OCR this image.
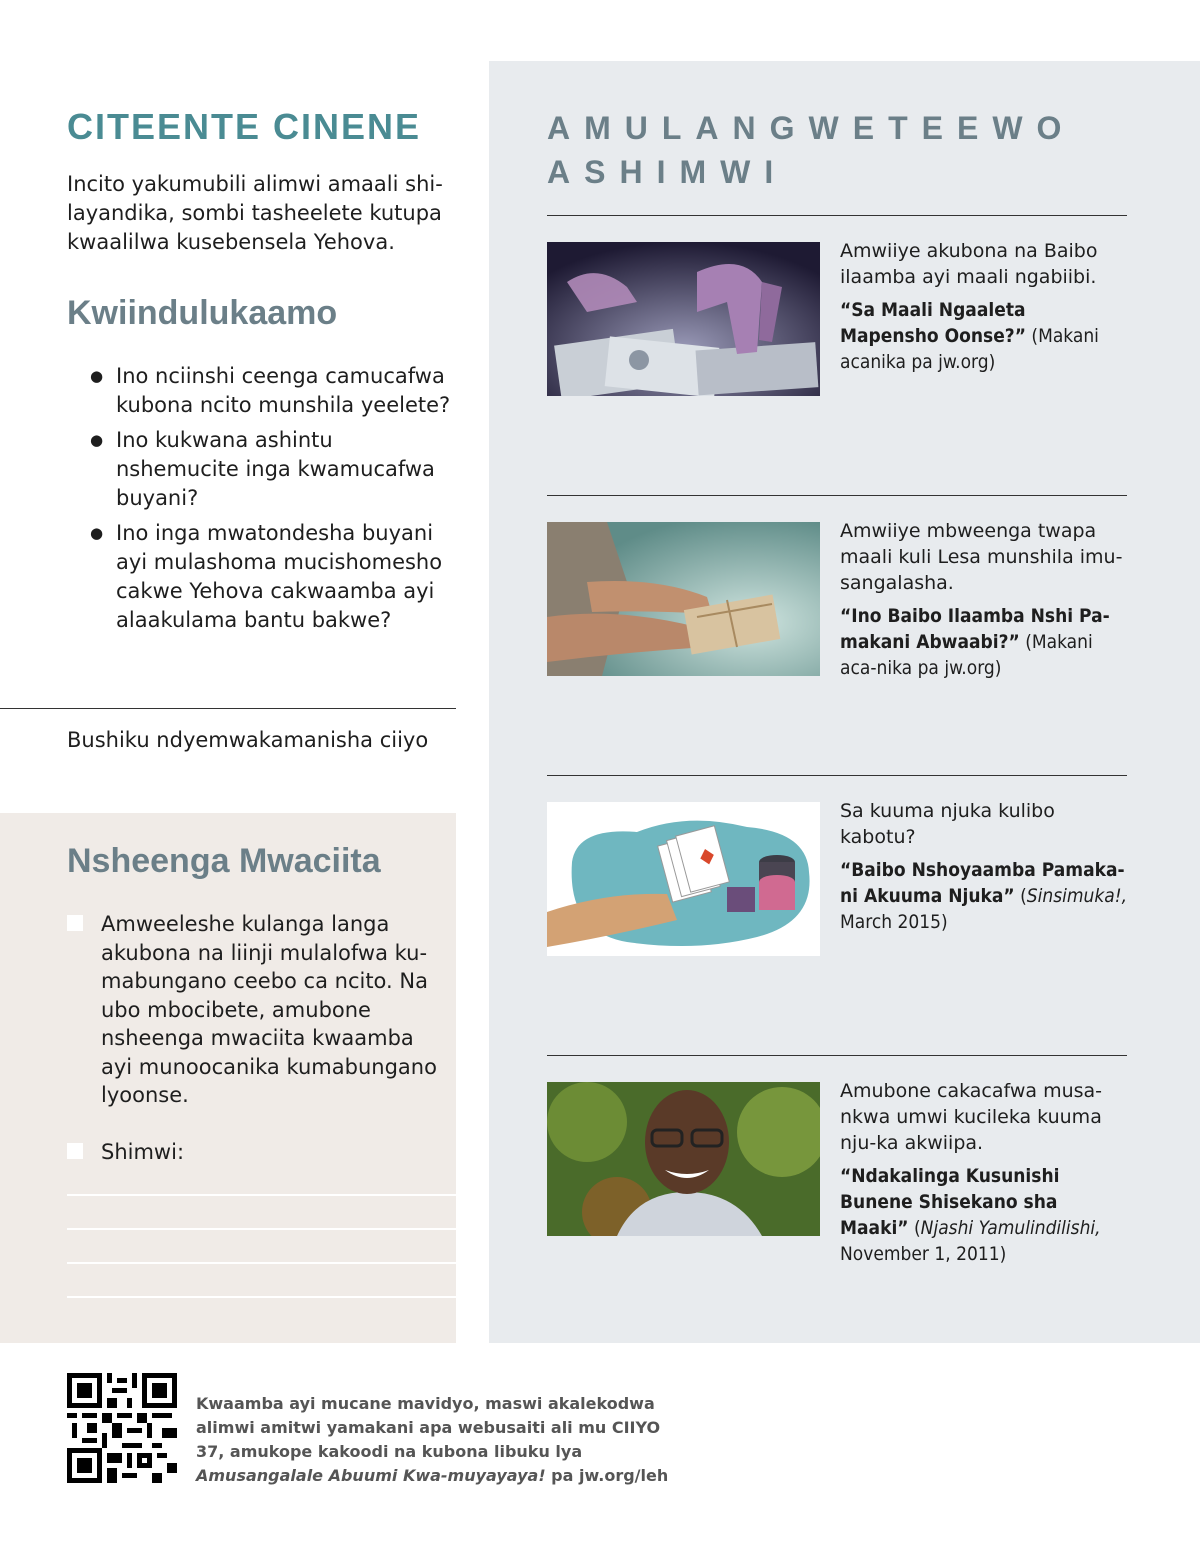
CITEENTE CINENE
Incito yakumubili alimwi amaali shi-layandika, sombi tasheelete kutupa kwaalilwa kusebensela Yehova.
Kwiindulukaamo
● Ino nciinshi ceenga camucafwa kubona ncito munshila yeelete?
● Ino kukwana ashintu nshemucite inga kwamucafwa buyani?
● Ino inga mwatondesha buyani ayi mulashoma mucishomesho cakwe Yehova cakwaamba ayi alaakulama bantu bakwe?
Bushiku ndyemwakamanisha ciiyo
Nsheenga Mwaciita
Amweeleshe kulanga langa akubona na liinji mulalofwa ku-mabungano ceebo ca ncito. Na ubo mbocibete, amubone nsheenga mwaciita kwaamba ayi munoocanika kumabungano lyoonse.
Shimwi:
AMULANGWETEEWO ASHIMWI
Amwiiye akubona na Baibo ilaamba ayi maali ngabiibi.
“Sa Maali Ngaaleta Mapensho Oonse?” (Makani acanika pa jw.org)
Amwiiye mbweenga twapa maali kuli Lesa munshila imu-sangalasha.
“Ino Baibo Ilaamba Nshi Pa-makani Abwaabi?” (Makani aca-nika pa jw.org)
Sa kuuma njuka kulibo kabotu?
“Baibo Nshoyaamba Pamaka-ni Akuuma Njuka” (Sinsimuka!, March 2015)
Amubone cakacafwa musa-nkwa umwi kucileka kuuma nju-ka akwiipa.
“Ndakalinga Kusunishi Bunene Shisekano sha Maaki” (Njashi Yamulindilishi, November 1, 2011)
Kwaamba ayi mucane mavidyo, maswi akalekodwa alimwi amitwi yamakani apa webusaiti ali mu CIIYO 37, amukope kakoodi na kubona libuku lya Amusangalale Abuumi Kwa-muyayaya! pa jw.org/leh
